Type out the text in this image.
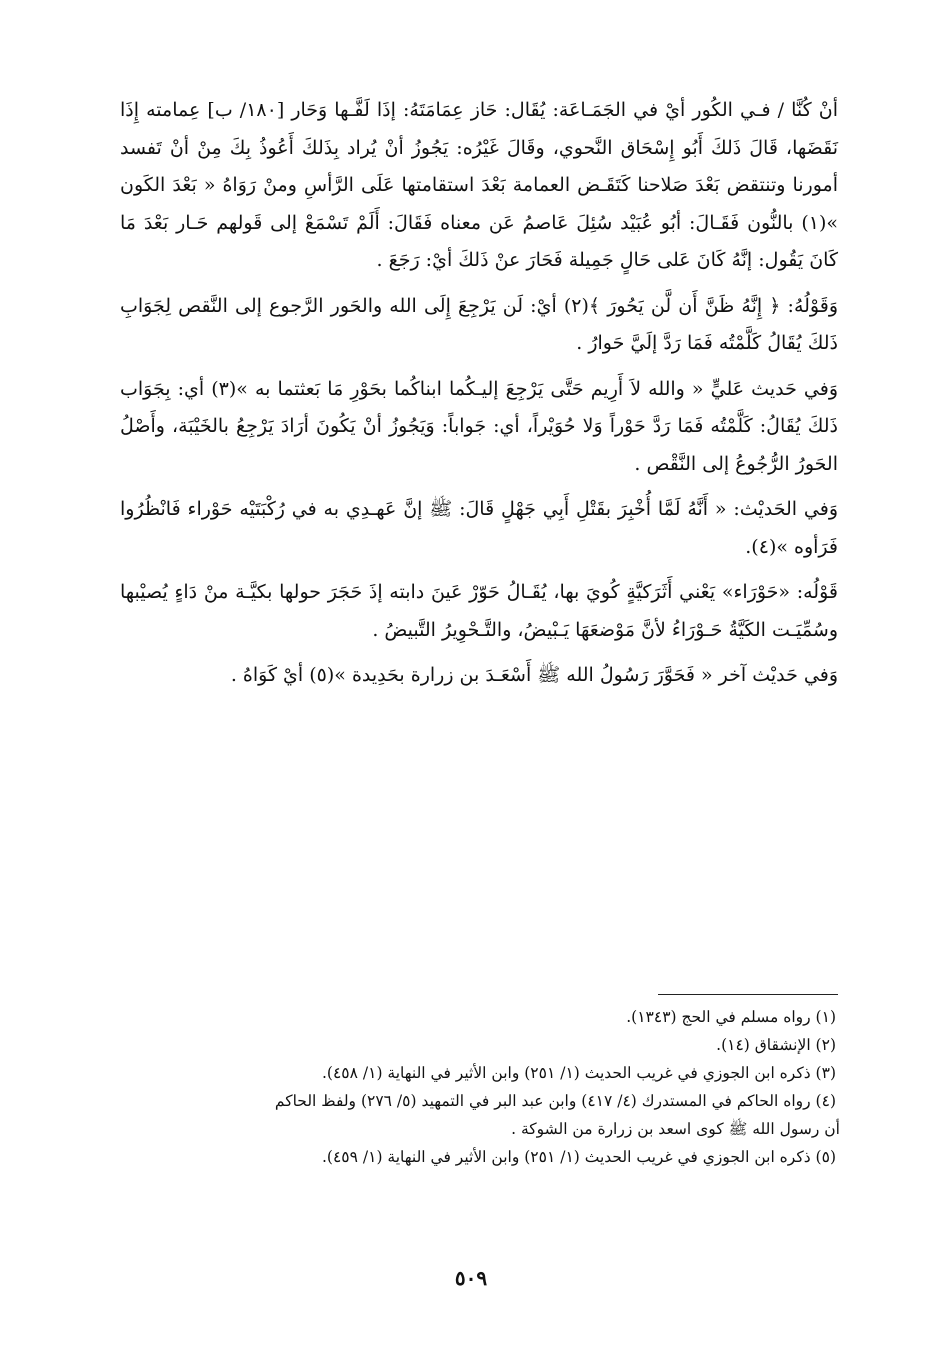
أنْ كُنَّا / فـي الكُور أيْ في الجَمَـاعَة: يُقَال: حَاز عِمَامَتَهُ: إذَا لَفَّـها وَحَار [١٨٠/ ب] عِمامته إِذَا نَقَضَها، قَالَ ذَلكَ أَبُو إِسْحَاق النَّحوي، وقَالَ غَيْرُه: يَجُوزُ أنْ يُراد بِذَلكَ أَعُوذُ بِكَ مِنْ أنْ تَفسد أمورنا وتنتقض بَعْدَ صَلاحنا كَتَقَـض العمامة بَعْدَ استقامتها عَلَى الرَّأسِ ومنْ رَوَاهُ « بَعْدَ الكَون »(١) بالنُّون فَقَـالَ: أبُو عُبَيْد سُئِلَ عَاصمُ عَن معناه فَقَالَ: أَلَمْ تَسْمَعْ إلى قَولهم حَـار بَعْدَ مَا كَانَ يَقُول: إنَّهُ كَانَ عَلى حَالٍ جَمِيلة فَحَارَ عنْ ذَلكَ أيْ: رَجَعَ .

وَقَوْلُهُ: ﴿ إِنَّهُ ظَنَّ أَن لَّن يَحُورَ ﴾(٢) أيْ: لَن يَرْجِعَ إِلَى الله والحَور الرَّجوع إلى النَّقص لِجَوَابِ ذَلكَ يُقَالُ كَلَّمْتُه فَمَا رَدَّ إلَيَّ حَوارُ .

وَفي حَديث عَليٍّ « والله لاَ أَرِيم حَتَّى يَرْجِعَ إليـكُما ابناكُما بحَوْرِ مَا بَعثتما به »(٣) أي: بِجَوَاب ذَلكَ يُقَالُ: كَلَّمْتُه فَمَا رَدَّ حَوْراً وَلا حُوَيْراً، أي: جَواباً: وَيَجُوزُ أنْ يَكُونَ أرَادَ يَرْجِعُ بالخَيْبَة، وأَصْلُ الحَورُ الرُّجُوعُ إلى النَّقْص .

وَفي الحَديْث: « أَنَّهُ لَمَّا أُخْبِرَ بقَتْلِ أَبِي جَهْلٍ قَالَ: ﷺ إنَّ عَهـدِي به في رُكْبَتَيْه حَوْراء فَانْظُرُوا فَرَأوه »(٤).

قَوْلُه: «حَوْرَاء» يَعْني أَثَرَكيَّةٍ كُويَ بها، يُقَـالُ حَوّرْ عَينَ دابته إذَ حَجَرَ حولها بكيَّـة منْ دَاءٍ يُصيْبها وسُمِّيَـت الكَيَّةُ حَـوْرَاءُ لأنَّ مَوْضعَهَا يَـبْيضُ، والتَّـحْوِيرُ التَّبيضُ .

وَفي حَديْث آخر « فَحَوَّرَ رَسُولُ الله ﷺ أَسْعَـدَ بن زرارة بحَدِيدة »(٥) أيْ كَوَاهُ .

(١) رواه مسلم في الحج (١٣٤٣).
(٢) الإنشقاق (١٤).
(٣) ذكره ابن الجوزي في غريب الحديث (١/ ٢٥١) وابن الأثير في النهاية (١/ ٤٥٨).
(٤) رواه الحاكم في المستدرك (٤/ ٤١٧) وابن عبد البر في التمهيد (٥/ ٢٧٦) ولفظ الحاكم
أن رسول الله ﷺ كوى اسعد بن زرارة من الشوكة .
(٥) ذكره ابن الجوزي في غريب الحديث (١/ ٢٥١) وابن الأثير في النهاية (١/ ٤٥٩).
٥٠٩
